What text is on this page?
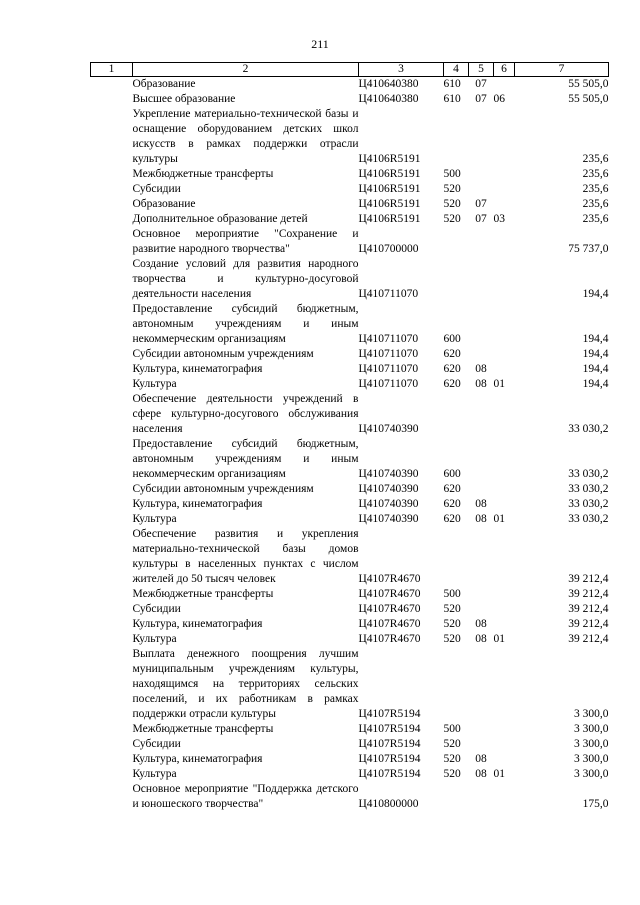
211
1	2	3	4	5	6	7
	Образование	Ц410640380	610	07		55 505,0
	Высшее образование	Ц410640380	610	07	06	55 505,0
	Укрепление материально-технической базы и оснащение оборудованием детских школ искусств в рамках поддержки отрасли культуры	Ц4106R5191				235,6
	Межбюджетные трансферты	Ц4106R5191	500			235,6
	Субсидии	Ц4106R5191	520			235,6
	Образование	Ц4106R5191	520	07		235,6
	Дополнительное образование детей	Ц4106R5191	520	07	03	235,6
	Основное мероприятие "Сохранение и развитие народного творчества"	Ц410700000				75 737,0
	Создание условий для развития народного творчества и культурно-досуговой деятельности населения	Ц410711070				194,4
	Предоставление субсидий бюджетным, автономным учреждениям и иным некоммерческим организациям	Ц410711070	600			194,4
	Субсидии автономным учреждениям	Ц410711070	620			194,4
	Культура, кинематография	Ц410711070	620	08		194,4
	Культура	Ц410711070	620	08	01	194,4
	Обеспечение деятельности учреждений в сфере культурно-досугового обслуживания населения	Ц410740390				33 030,2
	Предоставление субсидий бюджетным, автономным учреждениям и иным некоммерческим организациям	Ц410740390	600			33 030,2
	Субсидии автономным учреждениям	Ц410740390	620			33 030,2
	Культура, кинематография	Ц410740390	620	08		33 030,2
	Культура	Ц410740390	620	08	01	33 030,2
	Обеспечение развития и укрепления материально-технической базы домов культуры в населенных пунктах с числом жителей до 50 тысяч человек	Ц4107R4670				39 212,4
	Межбюджетные трансферты	Ц4107R4670	500			39 212,4
	Субсидии	Ц4107R4670	520			39 212,4
	Культура, кинематография	Ц4107R4670	520	08		39 212,4
	Культура	Ц4107R4670	520	08	01	39 212,4
	Выплата денежного поощрения лучшим муниципальным учреждениям культуры, находящимся на территориях сельских поселений, и их работникам в рамках поддержки отрасли культуры	Ц4107R5194				3 300,0
	Межбюджетные трансферты	Ц4107R5194	500			3 300,0
	Субсидии	Ц4107R5194	520			3 300,0
	Культура, кинематография	Ц4107R5194	520	08		3 300,0
	Культура	Ц4107R5194	520	08	01	3 300,0
	Основное мероприятие "Поддержка детского и юношеского творчества"	Ц410800000				175,0
